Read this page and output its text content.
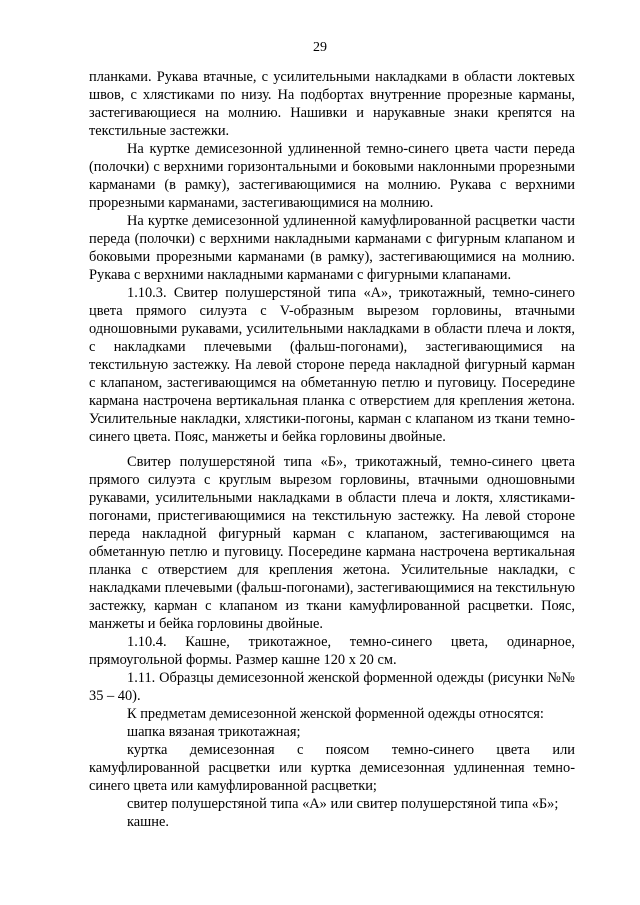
29

планками. Рукава втачные, с усилительными накладками в области локтевых швов, с хлястиками по низу. На подбортах внутренние прорезные карманы, застегивающиеся на молнию. Нашивки и нарукавные знаки крепятся на текстильные застежки.

На куртке демисезонной удлиненной темно-синего цвета части переда (полочки) с верхними горизонтальными и боковыми наклонными прорезными карманами (в рамку), застегивающимися на молнию. Рукава с верхними прорезными карманами, застегивающимися на молнию.

На куртке демисезонной удлиненной камуфлированной расцветки части переда (полочки) с верхними накладными карманами с фигурным клапаном и боковыми прорезными карманами (в рамку), застегивающимися на молнию. Рукава с верхними накладными карманами с фигурными клапанами.

1.10.3. Свитер полушерстяной типа «А», трикотажный, темно-синего цвета прямого силуэта с V-образным вырезом горловины, втачными одношовными рукавами, усилительными накладками в области плеча и локтя, с накладками плечевыми (фальш-погонами), застегивающимися на текстильную застежку. На левой стороне переда накладной фигурный карман с клапаном, застегивающимся на обметанную петлю и пуговицу. Посередине кармана настрочена вертикальная планка с отверстием для крепления жетона. Усилительные накладки, хлястики-погоны, карман с клапаном из ткани темно-синего цвета. Пояс, манжеты и бейка горловины двойные.

Свитер полушерстяной типа «Б», трикотажный, темно-синего цвета прямого силуэта с круглым вырезом горловины, втачными одношовными рукавами, усилительными накладками в области плеча и локтя, хлястиками-погонами, пристегивающимися на текстильную застежку. На левой стороне переда накладной фигурный карман с клапаном, застегивающимся на обметанную петлю и пуговицу. Посередине кармана настрочена вертикальная планка с отверстием для крепления жетона. Усилительные накладки, с накладками плечевыми (фальш-погонами), застегивающимися на текстильную застежку, карман с клапаном из ткани камуфлированной расцветки. Пояс, манжеты и бейка горловины двойные.

1.10.4. Кашне, трикотажное, темно-синего цвета, одинарное, прямоугольной формы. Размер кашне 120 х 20 см.

1.11. Образцы демисезонной женской форменной одежды (рисунки №№ 35 – 40).

К предметам демисезонной женской форменной одежды относятся:

шапка вязаная трикотажная;

куртка демисезонная с поясом темно-синего цвета или камуфлированной расцветки или куртка демисезонная удлиненная темно-синего цвета или камуфлированной расцветки;

свитер полушерстяной типа «А» или свитер полушерстяной типа «Б»;

кашне.
